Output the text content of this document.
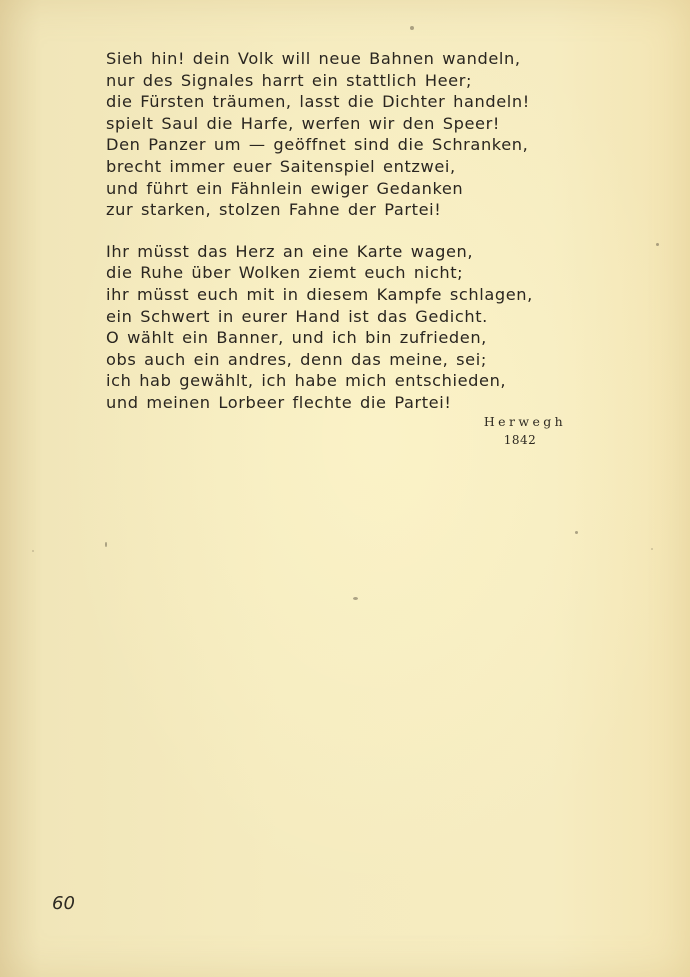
Sieh hin! dein Volk will neue Bahnen wandeln,
nur des Signales harrt ein stattlich Heer;
die Fürsten träumen, lasst die Dichter handeln!
spielt Saul die Harfe, werfen wir den Speer!
Den Panzer um — geöffnet sind die Schranken,
brecht immer euer Saitenspiel entzwei,
und führt ein Fähnlein ewiger Gedanken
zur starken, stolzen Fahne der Partei!
Ihr müsst das Herz an eine Karte wagen,
die Ruhe über Wolken ziemt euch nicht;
ihr müsst euch mit in diesem Kampfe schlagen,
ein Schwert in eurer Hand ist das Gedicht.
O wählt ein Banner, und ich bin zufrieden,
obs auch ein andres, denn das meine, sei;
ich hab gewählt, ich habe mich entschieden,
und meinen Lorbeer flechte die Partei!
Herwegh
1842
60
